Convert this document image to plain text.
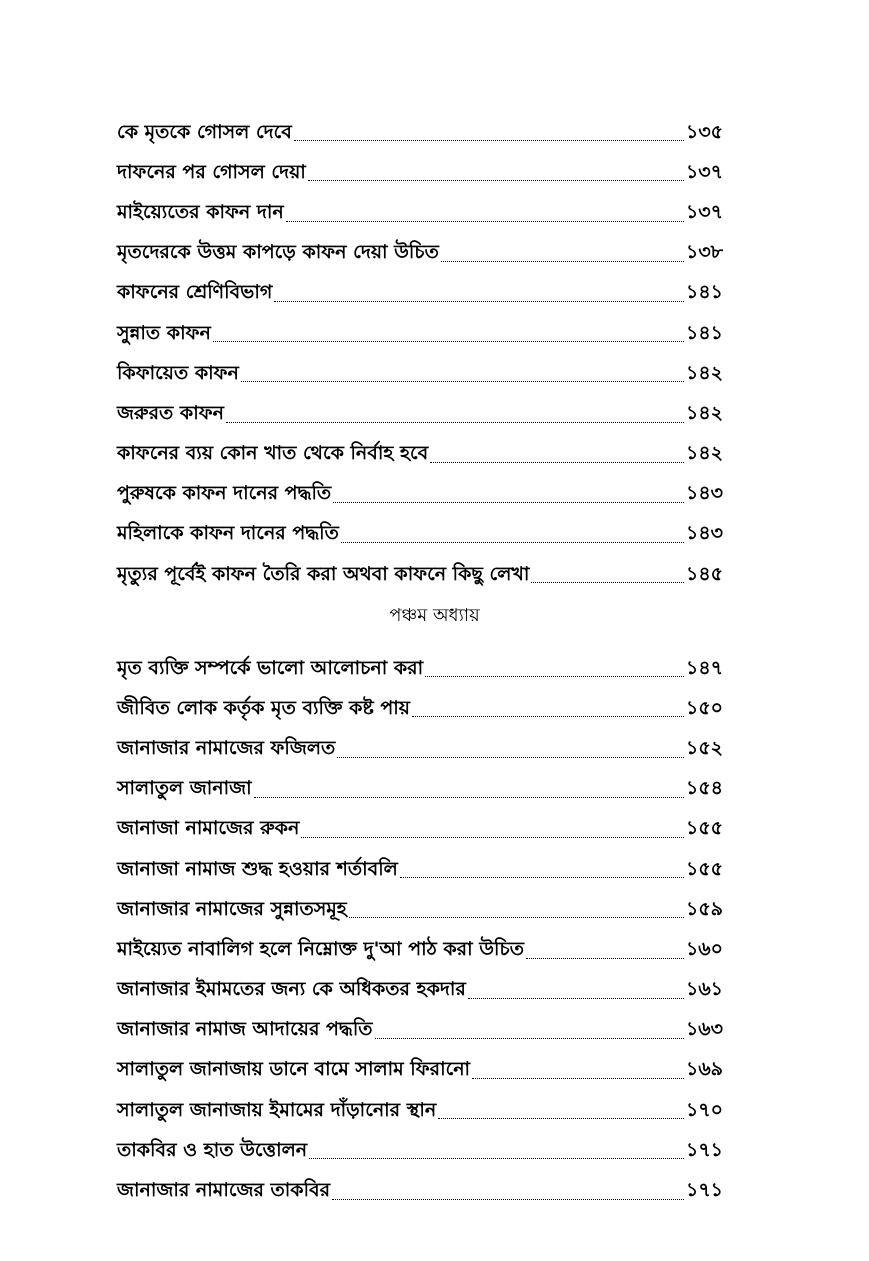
কে মৃতকে গোসল দেবে	১৩৫
দাফনের পর গোসল দেয়া	১৩৭
মাইয়্যেতের কাফন দান	১৩৭
মৃতদেরকে উত্তম কাপড়ে কাফন দেয়া উচিত	১৩৮
কাফনের শ্রেণিবিভাগ	১৪১
সুন্নাত কাফন	১৪১
কিফায়েত কাফন	১৪২
জরুরত কাফন	১৪২
কাফনের ব্যয় কোন খাত থেকে নির্বাহ হবে	১৪২
পুরুষকে কাফন দানের পদ্ধতি	১৪৩
মহিলাকে কাফন দানের পদ্ধতি	১৪৩
মৃত্যুর পূর্বেই কাফন তৈরি করা অথবা কাফনে কিছু লেখা	১৪৫
পঞ্চম অধ্যায়
মৃত ব্যক্তি সম্পর্কে ভালো আলোচনা করা	১৪৭
জীবিত লোক কর্তৃক মৃত ব্যক্তি কষ্ট পায়	১৫০
জানাজার নামাজের ফজিলত	১৫২
সালাতুল জানাজা	১৫৪
জানাজা নামাজের রুকন	১৫৫
জানাজা নামাজ শুদ্ধ হওয়ার শর্তাবলি	১৫৫
জানাজার নামাজের সুন্নাতসমূহ	১৫৯
মাইয়্যেত নাবালিগ হলে নিম্নোক্ত দু'আ পাঠ করা উচিত	১৬০
জানাজার ইমামতের জন্য কে অধিকতর হকদার	১৬১
জানাজার নামাজ আদায়ের পদ্ধতি	১৬৩
সালাতুল জানাজায় ডানে বামে সালাম ফিরানো	১৬৯
সালাতুল জানাজায় ইমামের দাঁড়ানোর স্থান	১৭০
তাকবির ও হাত উত্তোলন	১৭১
জানাজার নামাজের তাকবির	১৭১
